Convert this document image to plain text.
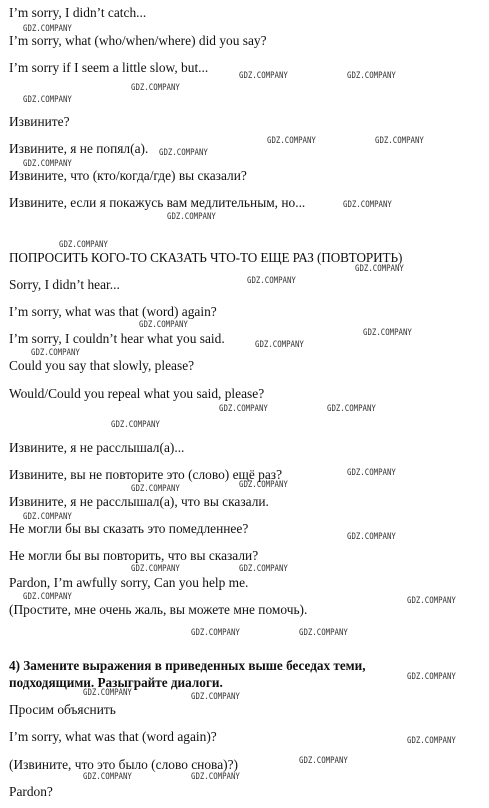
I’m sorry, I didn’t catch...
I’m sorry, what (who/when/where) did you say?
I’m sorry if I seem a little slow, but...
Извините?
Извините, я не попял(а).
Извините, что (кто/когда/где) вы сказали?
Извините, если я покажусь вам медлительным, но...
ПОПРОСИТЬ КОГО-ТО СКАЗАТЬ ЧТО-ТО ЕЩЕ РАЗ (ПОВТОРИТЬ)
Sorry, I didn’t hear...
I’m sorry, what was that (word) again?
I’m sorry, I couldn’t hear what you said.
Could you say that slowly, please?
Would/Could you repeal what you said, please?
Извините, я не расслышал(а)...
Извините, вы не повторите это (слово) ещё раз?
Извините, я не расслышал(а), что вы сказали.
Не могли бы вы сказать это помедленнее?
Не могли бы вы повторить, что вы сказали?
Pardon, I’m awfully sorry, Can you help me.
(Простите, мне очень жаль, вы можете мне помочь).
4) Замените выражения в приведенных выше беседах теми,
подходящими. Разыграйте диалоги.
Просим объяснить
I’m sorry, what was that (word again)?
(Извините, что это было (слово снова)?)
Pardon?
GDZ.COMPANY
GDZ.COMPANY	GDZ.COMPANY
GDZ.COMPANY
GDZ.COMPANY
GDZ.COMPANY	GDZ.COMPANY
GDZ.COMPANY
GDZ.COMPANY
GDZ.COMPANY
GDZ.COMPANY
GDZ.COMPANY
GDZ.COMPANY
GDZ.COMPANY
GDZ.COMPANY
GDZ.COMPANY
GDZ.COMPANY
GDZ.COMPANY
GDZ.COMPANY	GDZ.COMPANY
GDZ.COMPANY
GDZ.COMPANY
GDZ.COMPANY
GDZ.COMPANY
GDZ.COMPANY
GDZ.COMPANY
GDZ.COMPANY	GDZ.COMPANY
GDZ.COMPANY	GDZ.COMPANY
GDZ.COMPANY	GDZ.COMPANY
GDZ.COMPANY
GDZ.COMPANY	GDZ.COMPANY
GDZ.COMPANY
GDZ.COMPANY
GDZ.COMPANY	GDZ.COMPANY
